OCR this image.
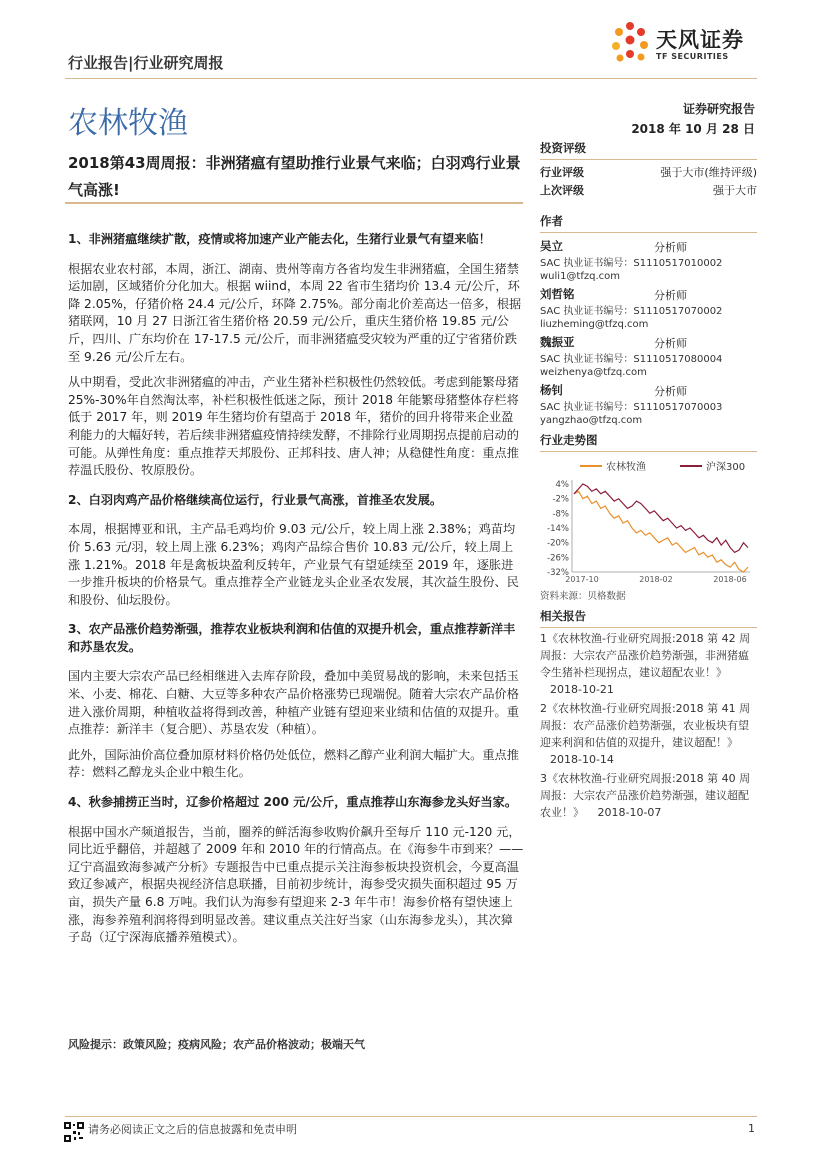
行业报告|行业研究周报
天风证券
TF SECURITIES
农林牧渔	证券研究报告
2018 年 10 月 28 日
2018第43周周报：非洲猪瘟有望助推行业景气来临；白羽鸡行业景气高涨!

1、非洲猪瘟继续扩散，疫情或将加速产业产能去化，生猪行业景气有望来临！

根据农业农村部，本周，浙江、湖南、贵州等南方各省均发生非洲猪瘟，全国生猪禁运加剧，区域猪价分化加大。根据 wiind，本周 22 省市生猪均价 13.4 元/公斤，环降 2.05%，仔猪价格 24.4 元/公斤，环降 2.75%。部分南北价差高达一倍多，根据猪联网，10 月 27 日浙江省生猪价格 20.59 元/公斤，重庆生猪价格 19.85 元/公斤，四川、广东均价在 17-17.5 元/公斤，而非洲猪瘟受灾较为严重的辽宁省猪价跌至 9.26 元/公斤左右。

从中期看，受此次非洲猪瘟的冲击，产业生猪补栏积极性仍然较低。考虑到能繁母猪 25%-30%年自然淘汰率，补栏积极性低迷之际，预计 2018 年能繁母猪整体存栏将低于 2017 年，则 2019 年生猪均价有望高于 2018 年，猪价的回升将带来企业盈利能力的大幅好转，若后续非洲猪瘟疫情持续发酵，不排除行业周期拐点提前启动的可能。从弹性角度：重点推荐天邦股份、正邦科技、唐人神；从稳健性角度：重点推荐温氏股份、牧原股份。

2、白羽肉鸡产品价格继续高位运行，行业景气高涨，首推圣农发展。

本周，根据博亚和讯，主产品毛鸡均价 9.03 元/公斤，较上周上涨 2.38%；鸡苗均价 5.63 元/羽，较上周上涨 6.23%；鸡肉产品综合售价 10.83 元/公斤，较上周上涨 1.21%。2018 年是禽板块盈利反转年，产业景气有望延续至 2019 年，逐胀进一步推升板块的价格景气。重点推荐全产业链龙头企业圣农发展，其次益生股份、民和股份、仙坛股份。

3、农产品涨价趋势渐强，推荐农业板块利润和估值的双提升机会，重点推荐新洋丰和苏垦农发。

国内主要大宗农产品已经相继进入去库存阶段，叠加中美贸易战的影响，未来包括玉米、小麦、棉花、白糖、大豆等多种农产品价格涨势已现端倪。随着大宗农产品价格进入涨价周期，种植收益将得到改善，种植产业链有望迎来业绩和估值的双提升。重点推荐：新洋丰（复合肥）、苏垦农发（种植）。

此外，国际油价高位叠加原材料价格仍处低位，燃料乙醇产业利润大幅扩大。重点推荐：燃料乙醇龙头企业中粮生化。

4、秋参捕捞正当时，辽参价格超过 200 元/公斤，重点推荐山东海参龙头好当家。

根据中国水产频道报告，当前，圈养的鲜活海参收购价飙升至每斤 110 元-120 元，同比近乎翻倍，并超越了 2009 年和 2010 年的行情高点。在《海参牛市到来？——辽宁高温致海参减产分析》专题报告中已重点提示关注海参板块投资机会，今夏高温致辽参减产，根据央视经济信息联播，目前初步统计，海参受灾损失面积超过 95 万亩，损失产量 6.8 万吨。我们认为海参有望迎来 2-3 年牛市！海参价格有望快速上涨，海参养殖利润将得到明显改善。建议重点关注好当家（山东海参龙头），其次獐子岛（辽宁深海底播养殖模式）。

风险提示：政策风险；疫病风险；农产品价格波动；极端天气
投资评级
行业评级	强于大市(维持评级)
上次评级	强于大市
作者
吴立	分析师
SAC 执业证书编号：S1110517010002
wuli1@tfzq.com
刘哲铭	分析师
SAC 执业证书编号：S1110517070002
liuzheming@tfzq.com
魏振亚	分析师
SAC 执业证书编号：S1110517080004
weizhenya@tfzq.com
杨钊	分析师
SAC 执业证书编号：S1110517070003
yangzhao@tfzq.com
行业走势图
农林牧渔	沪深300
4%
-2%
-8%
-14%
-20%
-26%
-32%
2017-10	2018-02	2018-06
资料来源：贝格数据
相关报告
1《农林牧渔-行业研究周报:2018 第 42 周周报：大宗农产品涨价趋势渐强，非洲猪瘟令生猪补栏现拐点，建议超配农业！》 2018-10-21
2《农林牧渔-行业研究周报:2018 第 41 周周报：农产品涨价趋势渐强，农业板块有望迎来利润和估值的双提升，建议超配！》 2018-10-14
3《农林牧渔-行业研究周报:2018 第 40 周周报：大宗农产品涨价趋势渐强，建议超配农业！》 2018-10-07
请务必阅读正文之后的信息披露和免责申明	1
